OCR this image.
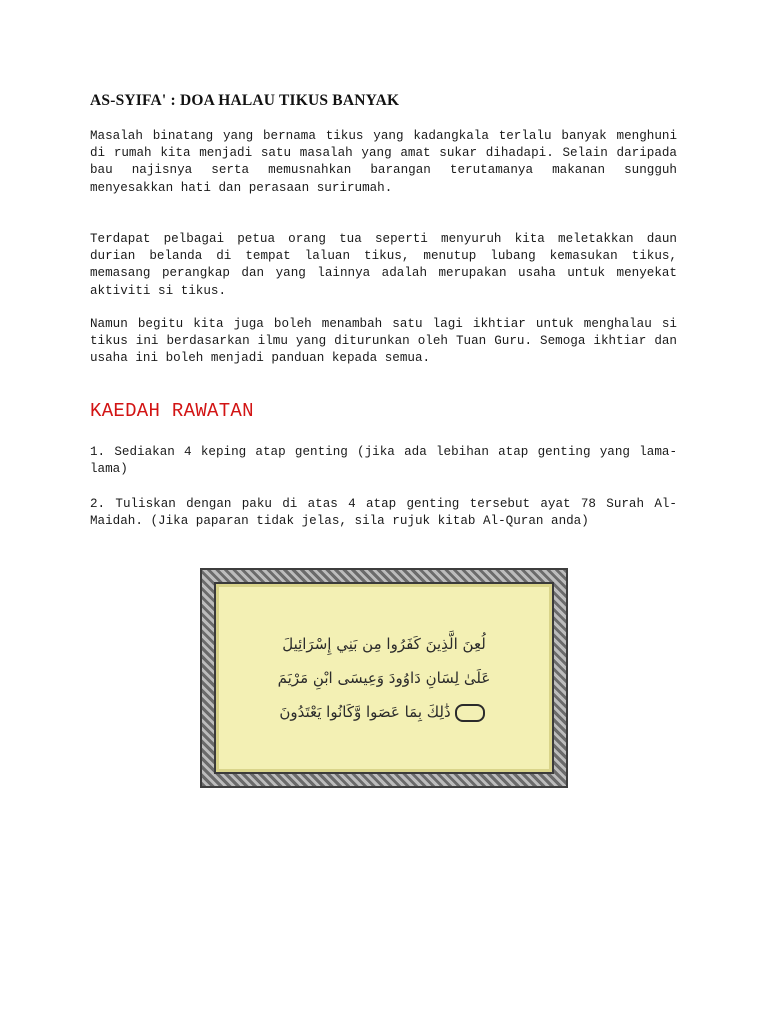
AS-SYIFA' : DOA HALAU TIKUS BANYAK

Masalah binatang yang bernama tikus yang kadangkala terlalu banyak menghuni di rumah kita menjadi satu masalah yang amat sukar dihadapi. Selain daripada bau najisnya serta memusnahkan barangan terutamanya makanan sungguh menyesakkan hati dan perasaan surirumah.

Terdapat pelbagai petua orang tua seperti menyuruh kita meletakkan daun durian belanda di tempat laluan tikus, menutup lubang kemasukan tikus, memasang perangkap dan yang lainnya adalah merupakan usaha untuk menyekat aktiviti si tikus.

Namun begitu kita juga boleh menambah satu lagi ikhtiar untuk menghalau si tikus ini berdasarkan ilmu yang diturunkan oleh Tuan Guru. Semoga ikhtiar dan usaha ini boleh menjadi panduan kepada semua.

KAEDAH RAWATAN

1. Sediakan 4 keping atap genting (jika ada lebihan atap genting yang lama-lama)

2. Tuliskan dengan paku di atas 4 atap genting tersebut ayat 78 Surah Al-Maidah. (Jika paparan tidak jelas, sila rujuk kitab Al-Quran anda)

لُعِنَ الَّذِينَ كَفَرُوا مِن بَنِي إِسْرَائِيلَ
عَلَىٰ لِسَانِ دَاوُودَ وَعِيسَى ابْنِ مَرْيَمَ
ذَٰلِكَ بِمَا عَصَوا وَّكَانُوا يَعْتَدُونَ
